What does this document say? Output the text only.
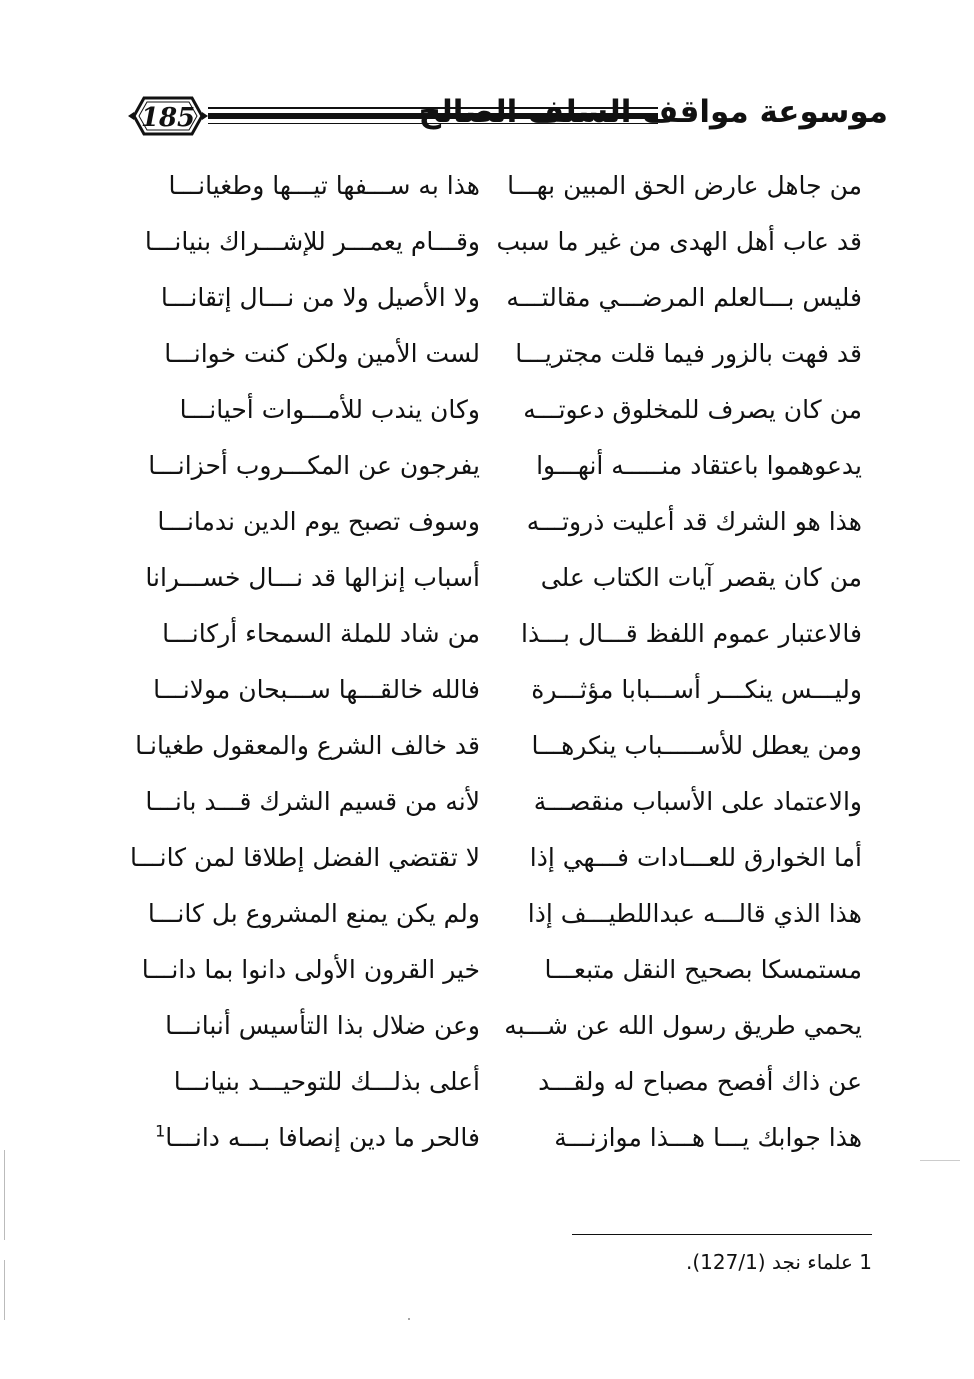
185	موسوعة مواقف السلف الصالح
من جاهل عارض الحق المبين بهـــا
هذا به ســـفها تيـــها وطغيانـــا
قد عاب أهل الهدى من غير ما سبب
وقـــام يعمـــر للإشـــراك بنيانـــا
فليس بـــالعلم المرضـــي مقالتـــه
ولا الأصيل ولا من نـــال إتقانـــا
قد فهت بالزور فيما قلت مجتريـــا
لست الأمين ولكن كنت خوانـــا
من كان يصرف للمخلوق دعوتـــه
وكان يندب للأمـــوات أحيانـــا
يدعوهموا باعتقاد منـــــه أنهـــوا
يفرجون عن المكـــروب أحزانـــا
هذا هو الشرك قد أعليت ذروتـــه
وسوف تصبح يوم الدين ندمانـــا
من كان يقصر آيات الكتاب على
أسباب إنزالها قد نـــال خســـرانا
فالاعتبار عموم اللفظ قـــال بـــذا
من شاد للملة السمحاء أركانـــا
وليـــس ينكـــر أســـبابا مؤثـــرة
فالله خالقـــها ســـبحان مولانـــا
ومن يعطل للأســـــباب ينكرهـــا
قد خالف الشرع والمعقول طغيانـا
والاعتماد على الأسباب منقصـــة
لأنه من قسيم الشرك قـــد بانـــا
أما الخوارق للعـــادات فـــهي إذا
لا تقتضي الفضل إطلاقا لمن كانـــا
هذا الذي قالـــه عبداللطيـــف إذا
ولم يكن يمنع المشروع بل كانـــا
مستمسكا بصحيح النقل متبعـــا
خير القرون الأولى دانوا بما دانـــا
يحمي طريق رسول الله عن شـــبه
وعن ضلال بذا التأسيس أنبانـــا
عن ذاك أفصح مصباح له ولقـــد
أعلى بذلـــك للتوحيـــد بنيانـــا
هذا جوابك يـــا هـــذا موازنـــة
فالحر ما دين إنصافا بـــه دانـــا$^1$
1 علماء نجد (127/1).
